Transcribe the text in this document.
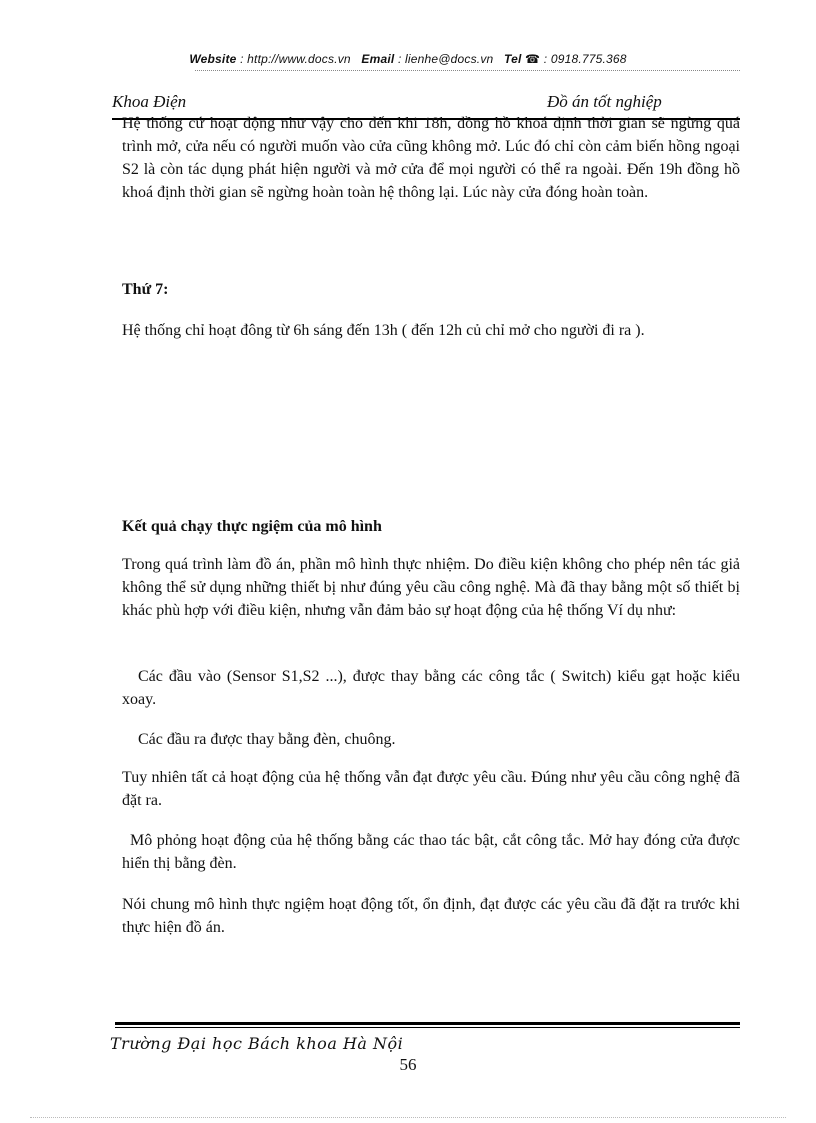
Website : http://www.docs.vn Email : lienhe@docs.vn Tel ☎ : 0918.775.368
Khoa Điện	Đồ án tốt nghiệp
Hệ thống cứ hoạt động như vậy cho đến khi 18h, đồng hồ khoá định thời gian sẽ ngừng quá trình mở, cửa nếu có người muốn vào cửa cũng không mở. Lúc đó chỉ còn cảm biến hồng ngoại S2 là còn tác dụng phát hiện người và mở cửa để mọi người có thể ra ngoài. Đến 19h đồng hồ khoá định thời gian sẽ ngừng hoàn toàn hệ thông lại. Lúc này cửa đóng hoàn toàn.
Thứ 7:
Hệ thống chỉ hoạt đông từ 6h sáng đến 13h ( đến 12h củ chỉ mở cho người đi ra ).
Kết quả chạy thực ngiệm của mô hình
Trong quá trình làm đồ án, phần mô hình thực nhiệm. Do điều kiện không cho phép nên tác giả không thể sử dụng những thiết bị như đúng yêu cầu công nghệ. Mà đã thay bằng một số thiết bị khác phù hợp với điều kiện, nhưng vẫn đảm bảo sự hoạt động của hệ thống Ví dụ như:
Các đầu vào (Sensor S1,S2 ...), được thay bằng các công tắc ( Switch) kiểu gạt hoặc kiểu xoay.
Các đầu ra được thay bằng đèn, chuông.
Tuy nhiên tất cả hoạt động của hệ thống vẫn đạt được yêu cầu. Đúng như yêu cầu công nghệ đã đặt ra.
Mô phỏng hoạt động của hệ thống bằng các thao tác bật, cắt công tắc. Mở hay đóng cửa được hiển thị bằng đèn.
Nói chung mô hình thực ngiệm hoạt động tốt, ổn định, đạt được các yêu cầu đã đặt ra trước khi thực hiện đồ án.
Trường Đại học Bách khoa Hà Nội
56
